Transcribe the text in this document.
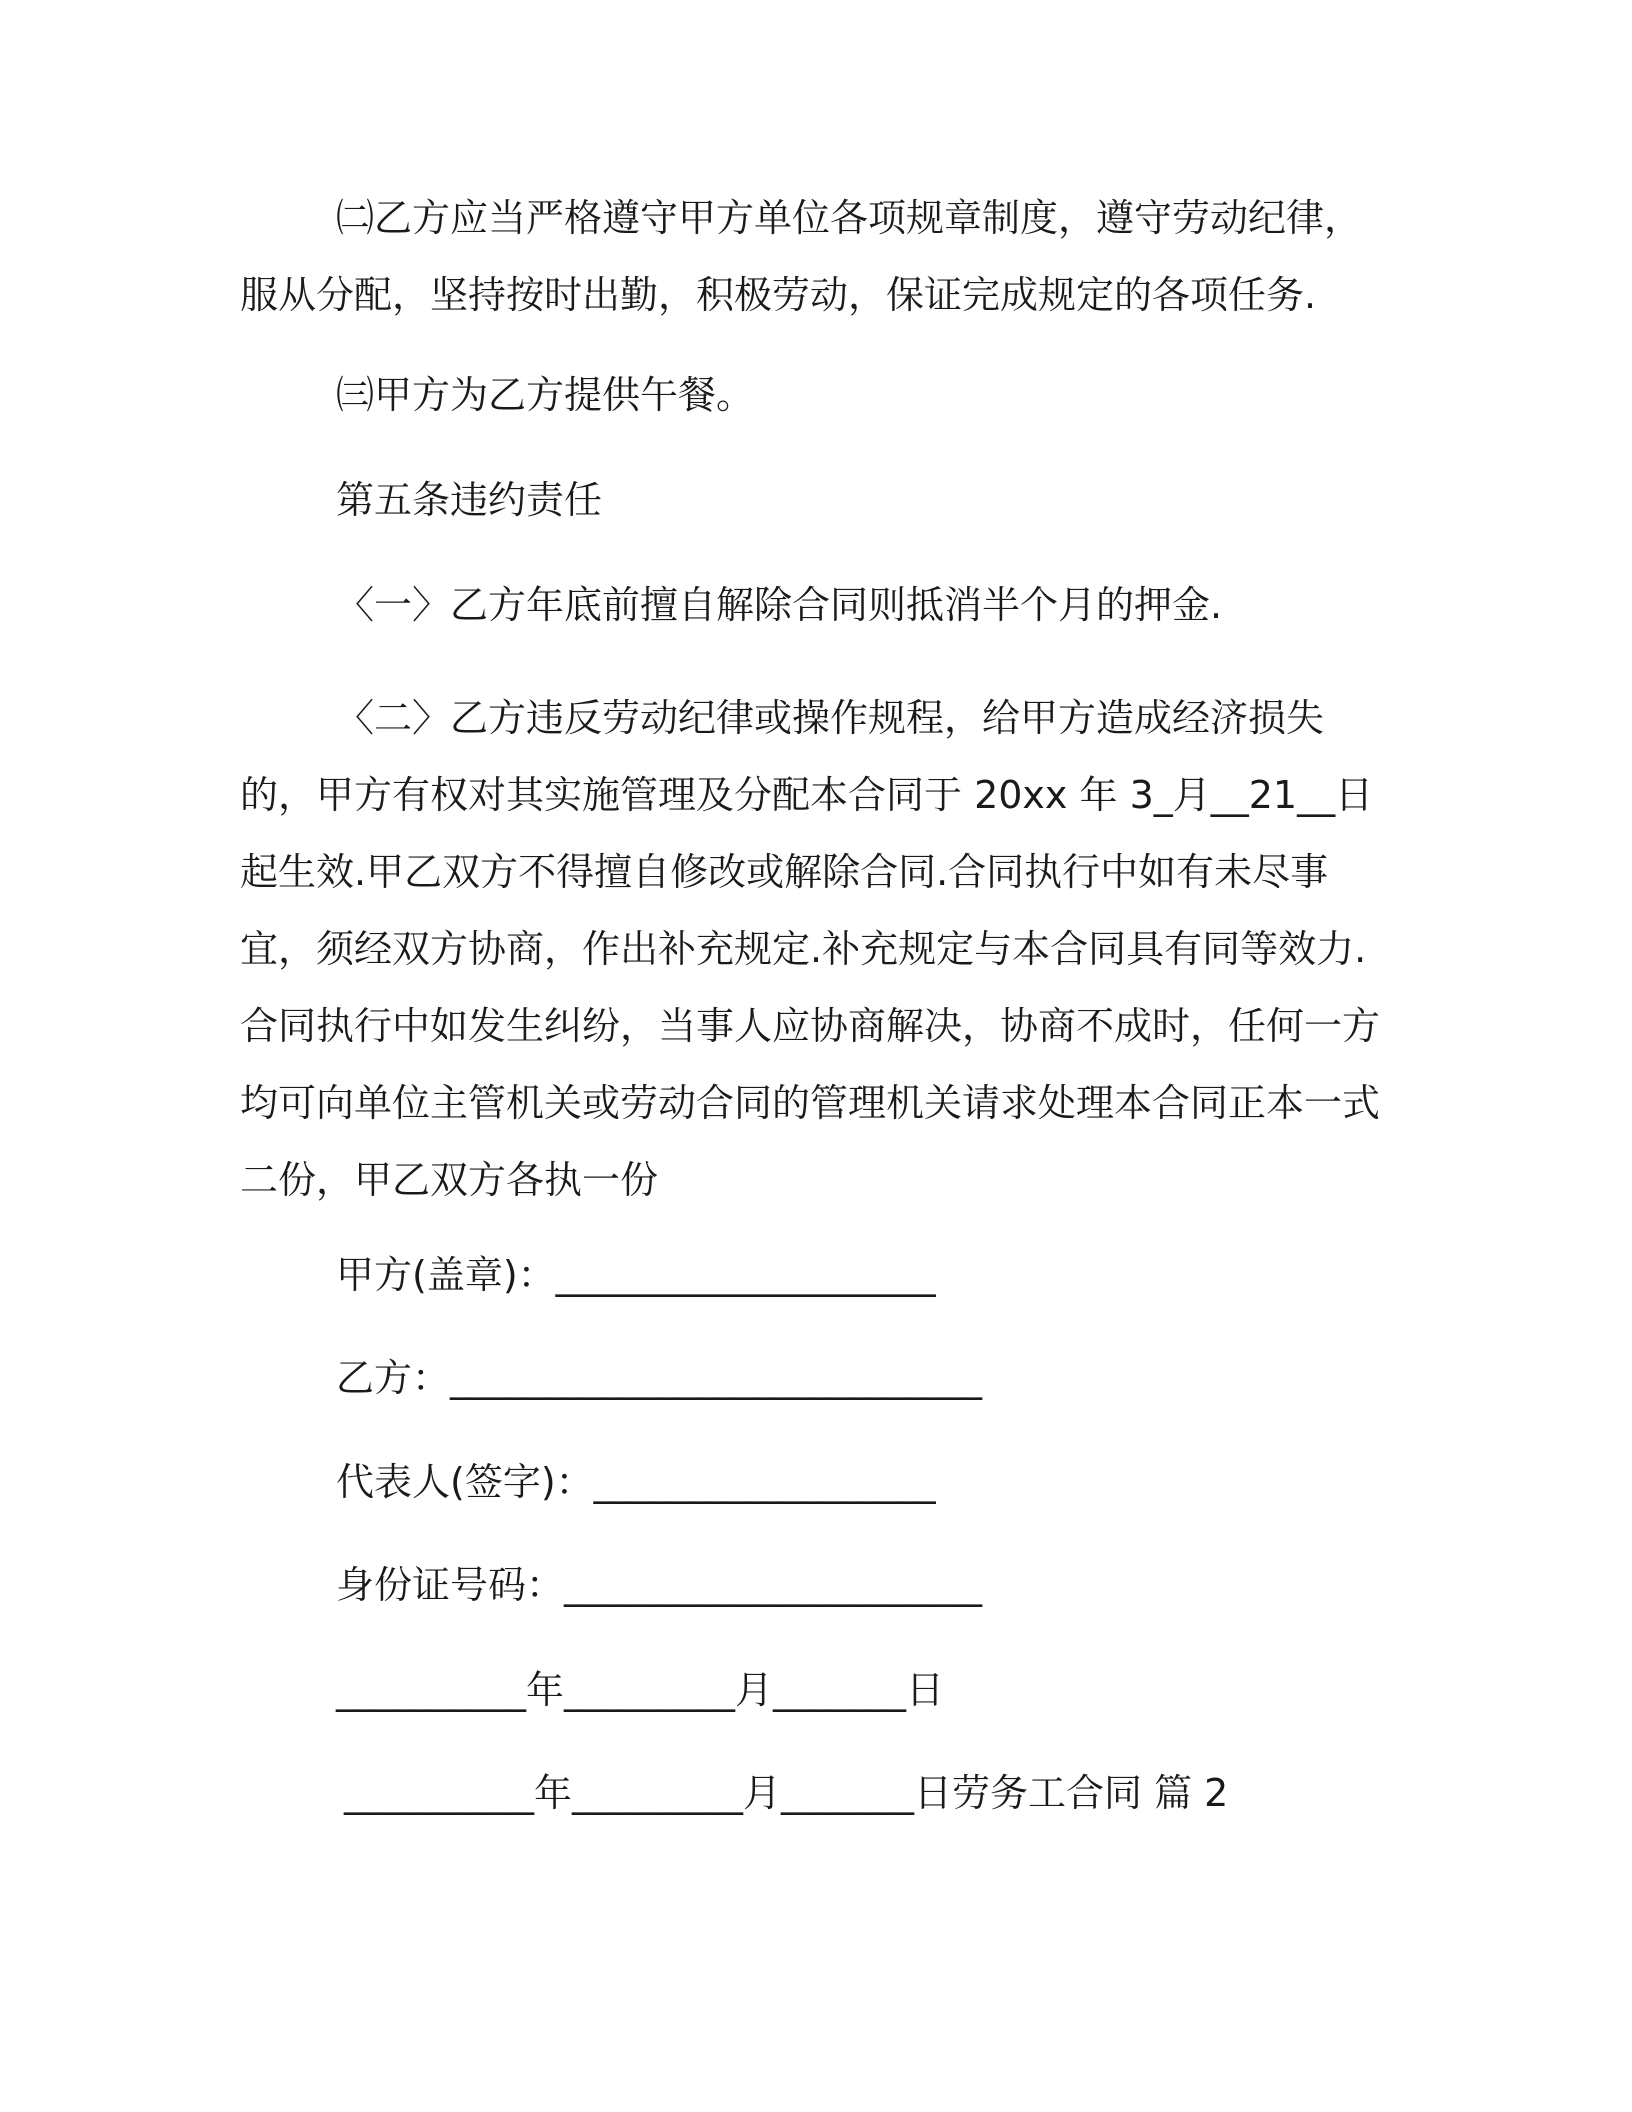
㈡乙方应当严格遵守甲方单位各项规章制度，遵守劳动纪律，服从分配，坚持按时出勤，积极劳动，保证完成规定的各项任务.

㈢甲方为乙方提供午餐。

第五条违约责任

〈一〉乙方年底前擅自解除合同则抵消半个月的押金.

〈二〉乙方违反劳动纪律或操作规程，给甲方造成经济损失的，甲方有权对其实施管理及分配本合同于 20xx 年 3_月__21__日起生效.甲乙双方不得擅自修改或解除合同.合同执行中如有未尽事宜，须经双方协商，作出补充规定.补充规定与本合同具有同等效力.合同执行中如发生纠纷，当事人应协商解决，协商不成时，任何一方均可向单位主管机关或劳动合同的管理机关请求处理本合同正本一式二份，甲乙双方各执一份

甲方(盖章)：____________________

乙方：____________________________

代表人(签字)：__________________

身份证号码：______________________

__________年_________月_______日

__________年_________月_______日劳务工合同 篇 2
